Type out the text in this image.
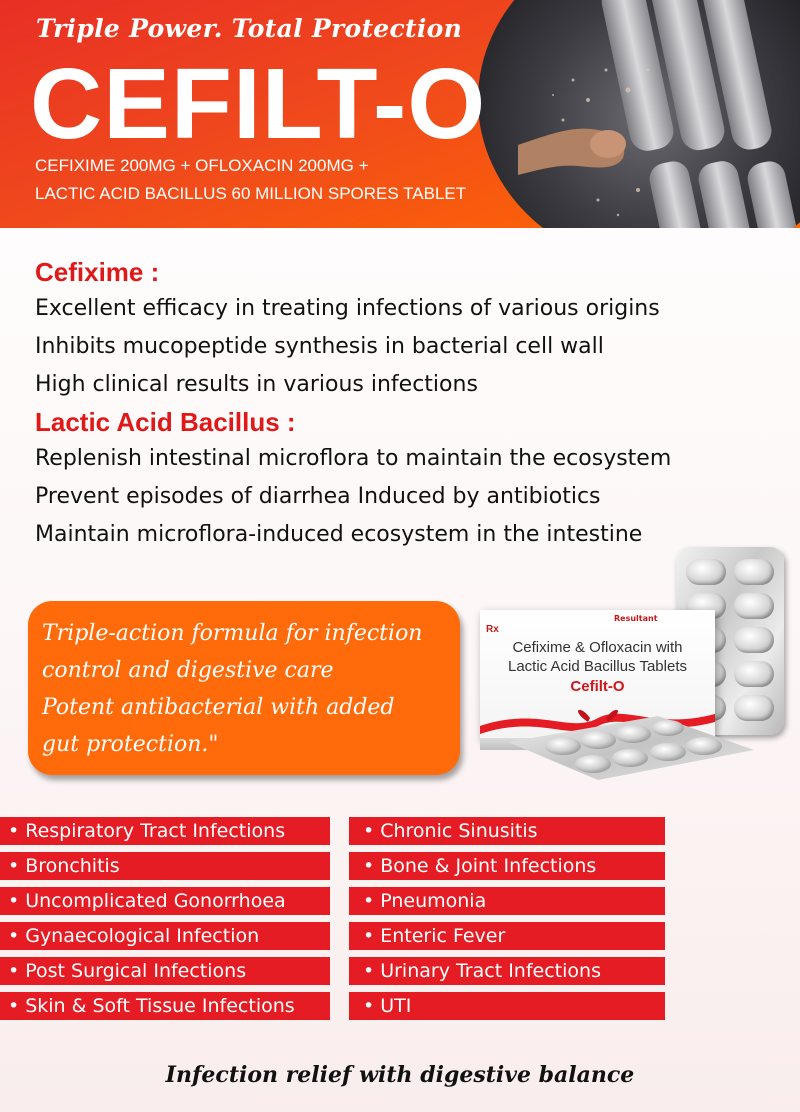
Triple Power. Total Protection
CEFILT-O
CEFIXIME 200MG + OFLOXACIN 200MG +
LACTIC ACID BACILLUS 60 MILLION SPORES TABLET
Cefixime :
Excellent efficacy in treating infections of various origins
Inhibits mucopeptide synthesis in bacterial cell wall
High clinical results in various infections
Lactic Acid Bacillus :
Replenish intestinal microflora to maintain the ecosystem
Prevent episodes of diarrhea Induced by antibiotics
Maintain microflora-induced ecosystem in the intestine

Triple-action formula for infection

control and digestive care

Potent antibacterial with added

gut protection."

Rx
Resultant
Cefixime & Ofloxacin with
Lactic Acid Bacillus Tablets
Cefilt-O
• Respiratory Tract Infections
• Bronchitis
• Uncomplicated Gonorrhoea
• Gynaecological Infection
• Post Surgical Infections
• Skin & Soft Tissue Infections
• Chronic Sinusitis
• Bone & Joint Infections
• Pneumonia
• Enteric Fever
• Urinary Tract Infections
• UTI
Infection relief with digestive balance
